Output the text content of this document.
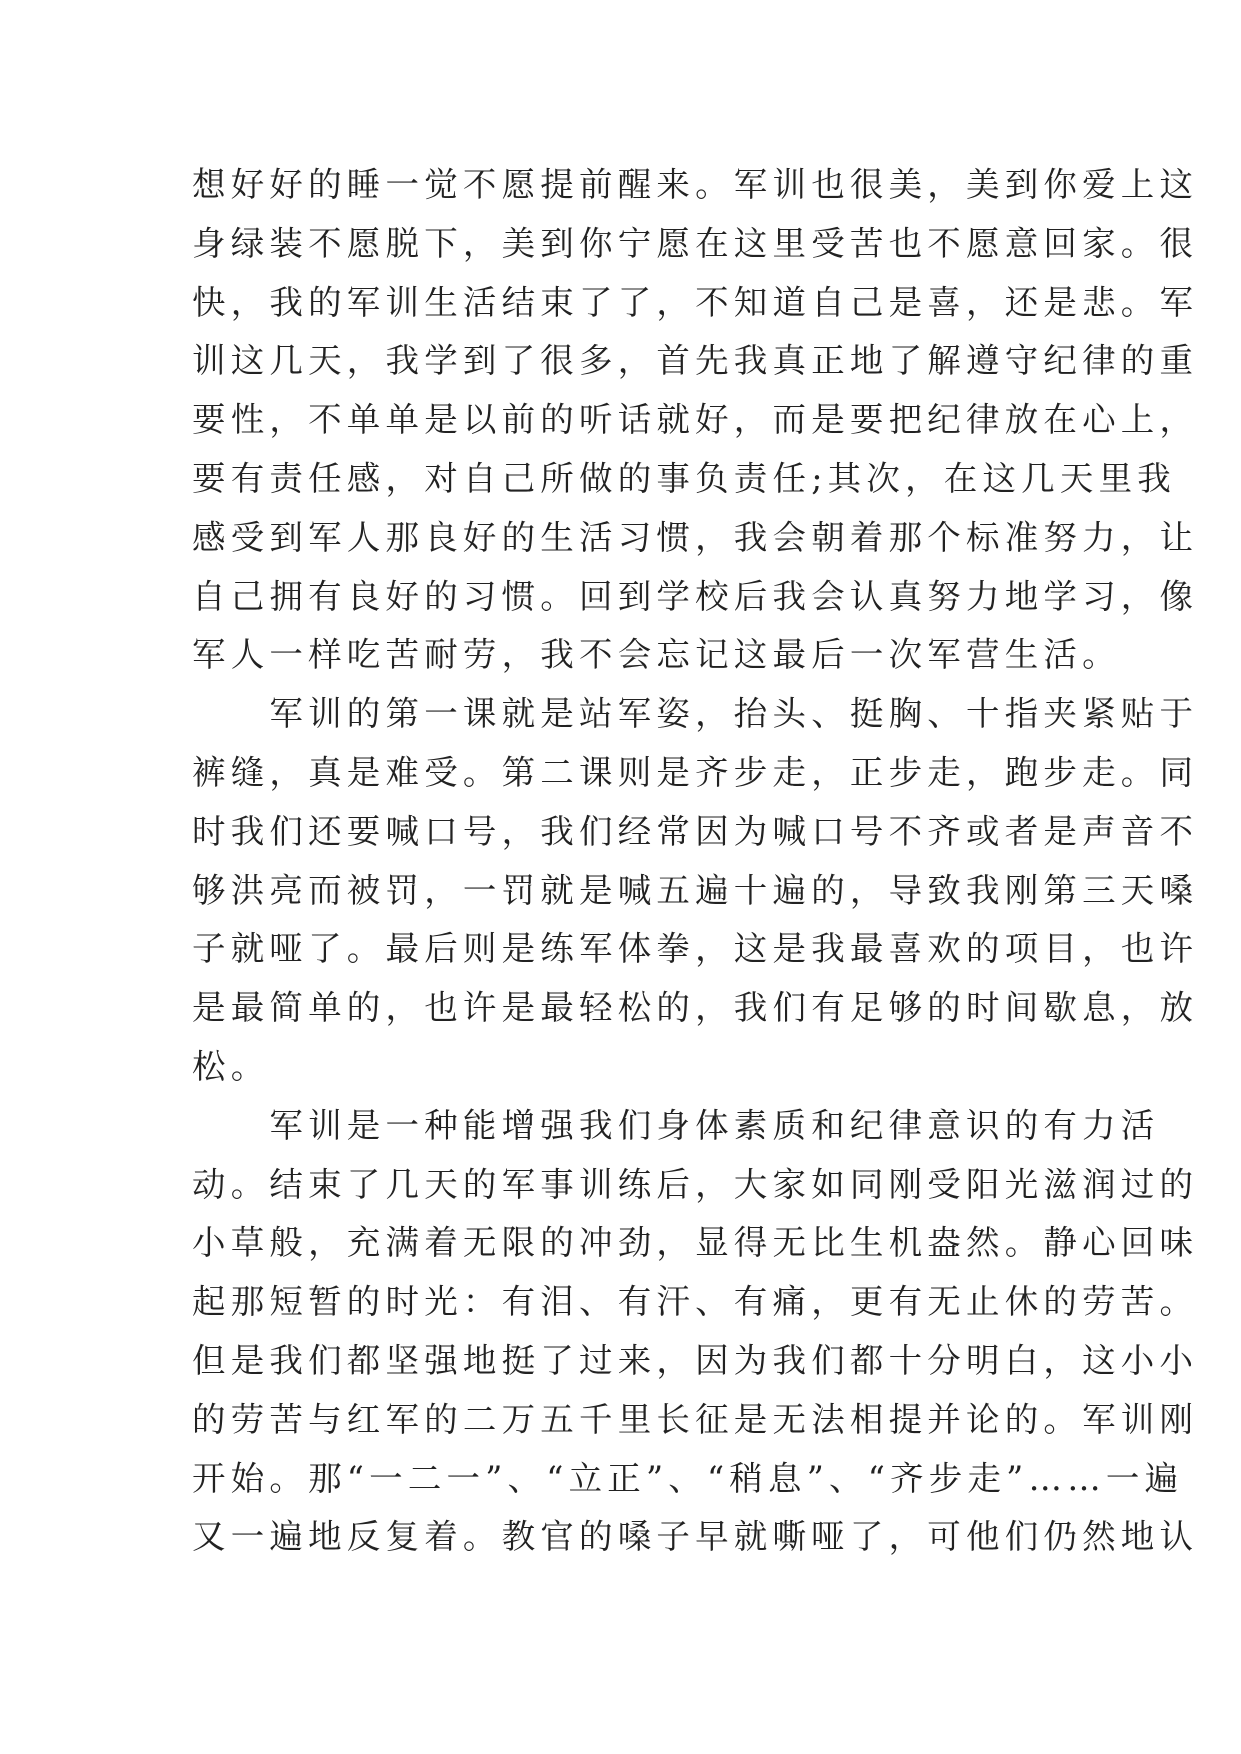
想好好的睡一觉不愿提前醒来。军训也很美，美到你爱上这
身绿装不愿脱下，美到你宁愿在这里受苦也不愿意回家。很
快，我的军训生活结束了了，不知道自己是喜，还是悲。军
训这几天，我学到了很多，首先我真正地了解遵守纪律的重
要性，不单单是以前的听话就好，而是要把纪律放在心上，
要有责任感，对自己所做的事负责任;其次，在这几天里我
感受到军人那良好的生活习惯，我会朝着那个标准努力，让
自己拥有良好的习惯。回到学校后我会认真努力地学习，像
军人一样吃苦耐劳，我不会忘记这最后一次军营生活。
　　军训的第一课就是站军姿，抬头、挺胸、十指夹紧贴于
裤缝，真是难受。第二课则是齐步走，正步走，跑步走。同
时我们还要喊口号，我们经常因为喊口号不齐或者是声音不
够洪亮而被罚，一罚就是喊五遍十遍的，导致我刚第三天嗓
子就哑了。最后则是练军体拳，这是我最喜欢的项目，也许
是最简单的，也许是最轻松的，我们有足够的时间歇息，放
松。
　　军训是一种能增强我们身体素质和纪律意识的有力活
动。结束了几天的军事训练后，大家如同刚受阳光滋润过的
小草般，充满着无限的冲劲，显得无比生机盎然。静心回味
起那短暂的时光：有泪、有汗、有痛，更有无止休的劳苦。
但是我们都坚强地挺了过来，因为我们都十分明白，这小小
的劳苦与红军的二万五千里长征是无法相提并论的。军训刚
开始。那“一二一”、“立正”、“稍息”、“齐步走”……一遍
又一遍地反复着。教官的嗓子早就嘶哑了，可他们仍然地认
